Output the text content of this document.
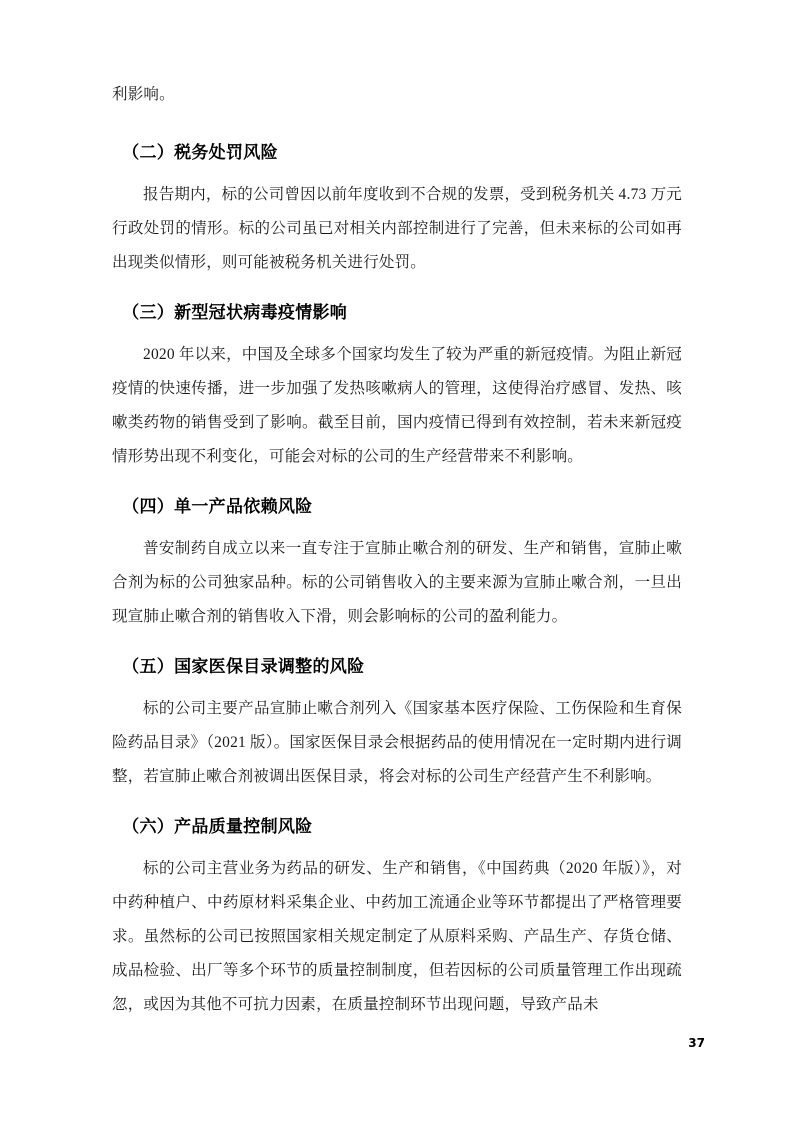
利影响。

（二）税务处罚风险

报告期内，标的公司曾因以前年度收到不合规的发票，受到税务机关 4.73 万元行政处罚的情形。标的公司虽已对相关内部控制进行了完善，但未来标的公司如再出现类似情形，则可能被税务机关进行处罚。

（三）新型冠状病毒疫情影响

2020 年以来，中国及全球多个国家均发生了较为严重的新冠疫情。为阻止新冠疫情的快速传播，进一步加强了发热咳嗽病人的管理，这使得治疗感冒、发热、咳嗽类药物的销售受到了影响。截至目前，国内疫情已得到有效控制，若未来新冠疫情形势出现不利变化，可能会对标的公司的生产经营带来不利影响。

（四）单一产品依赖风险

普安制药自成立以来一直专注于宣肺止嗽合剂的研发、生产和销售，宣肺止嗽合剂为标的公司独家品种。标的公司销售收入的主要来源为宣肺止嗽合剂，一旦出现宣肺止嗽合剂的销售收入下滑，则会影响标的公司的盈利能力。

（五）国家医保目录调整的风险

标的公司主要产品宣肺止嗽合剂列入《国家基本医疗保险、工伤保险和生育保险药品目录》（2021 版）。国家医保目录会根据药品的使用情况在一定时期内进行调整，若宣肺止嗽合剂被调出医保目录，将会对标的公司生产经营产生不利影响。

（六）产品质量控制风险

标的公司主营业务为药品的研发、生产和销售，《中国药典（2020 年版）》，对中药种植户、中药原材料采集企业、中药加工流通企业等环节都提出了严格管理要求。虽然标的公司已按照国家相关规定制定了从原料采购、产品生产、存货仓储、成品检验、出厂等多个环节的质量控制制度，但若因标的公司质量管理工作出现疏忽，或因为其他不可抗力因素，在质量控制环节出现问题，导致产品未

37
